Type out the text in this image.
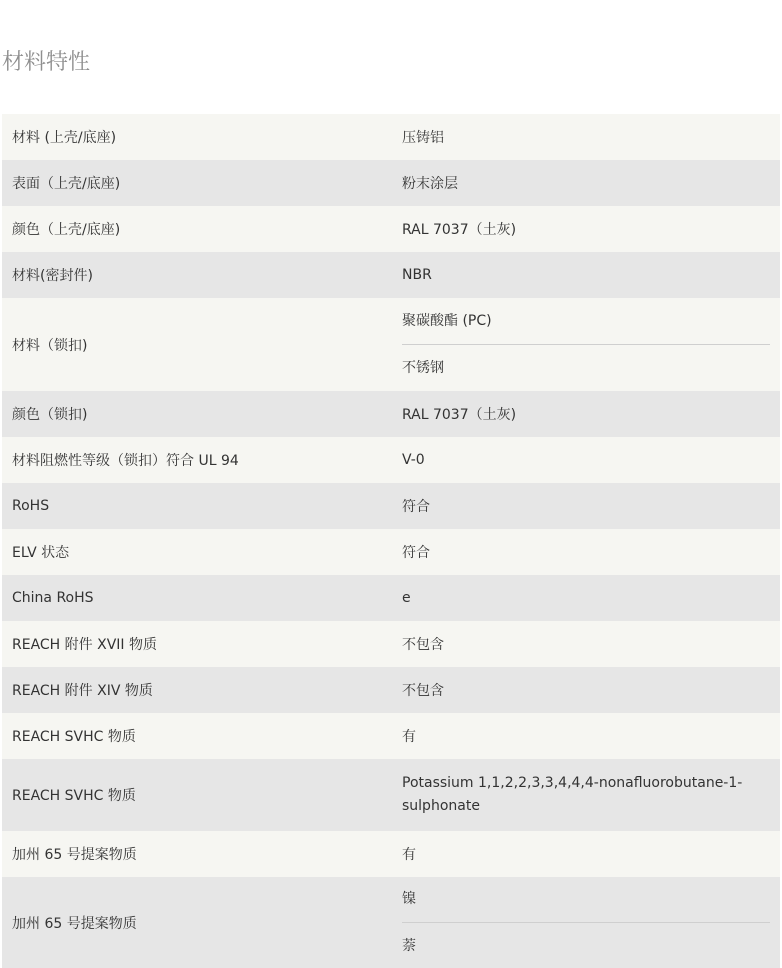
材料特性
材料 (上壳/底座)	压铸铝
表面（上壳/底座)	粉末涂层
颜色（上壳/底座)	RAL 7037（土灰)
材料(密封件)	NBR
材料（锁扣)	聚碳酸酯 (PC)
不锈钢

颜色（锁扣)	RAL 7037（土灰)
材料阻燃性等级（锁扣）符合 UL 94	V-0
RoHS	符合
ELV 状态	符合
China RoHS	e
REACH 附件 XVII 物质	不包含
REACH 附件 XIV 物质	不包含
REACH SVHC 物质	有
REACH SVHC 物质	Potassium 1,1,2,2,3,3,4,4,4-nonafluorobutane-1-sulphonate
加州 65 号提案物质	有
加州 65 号提案物质	镍
萘
